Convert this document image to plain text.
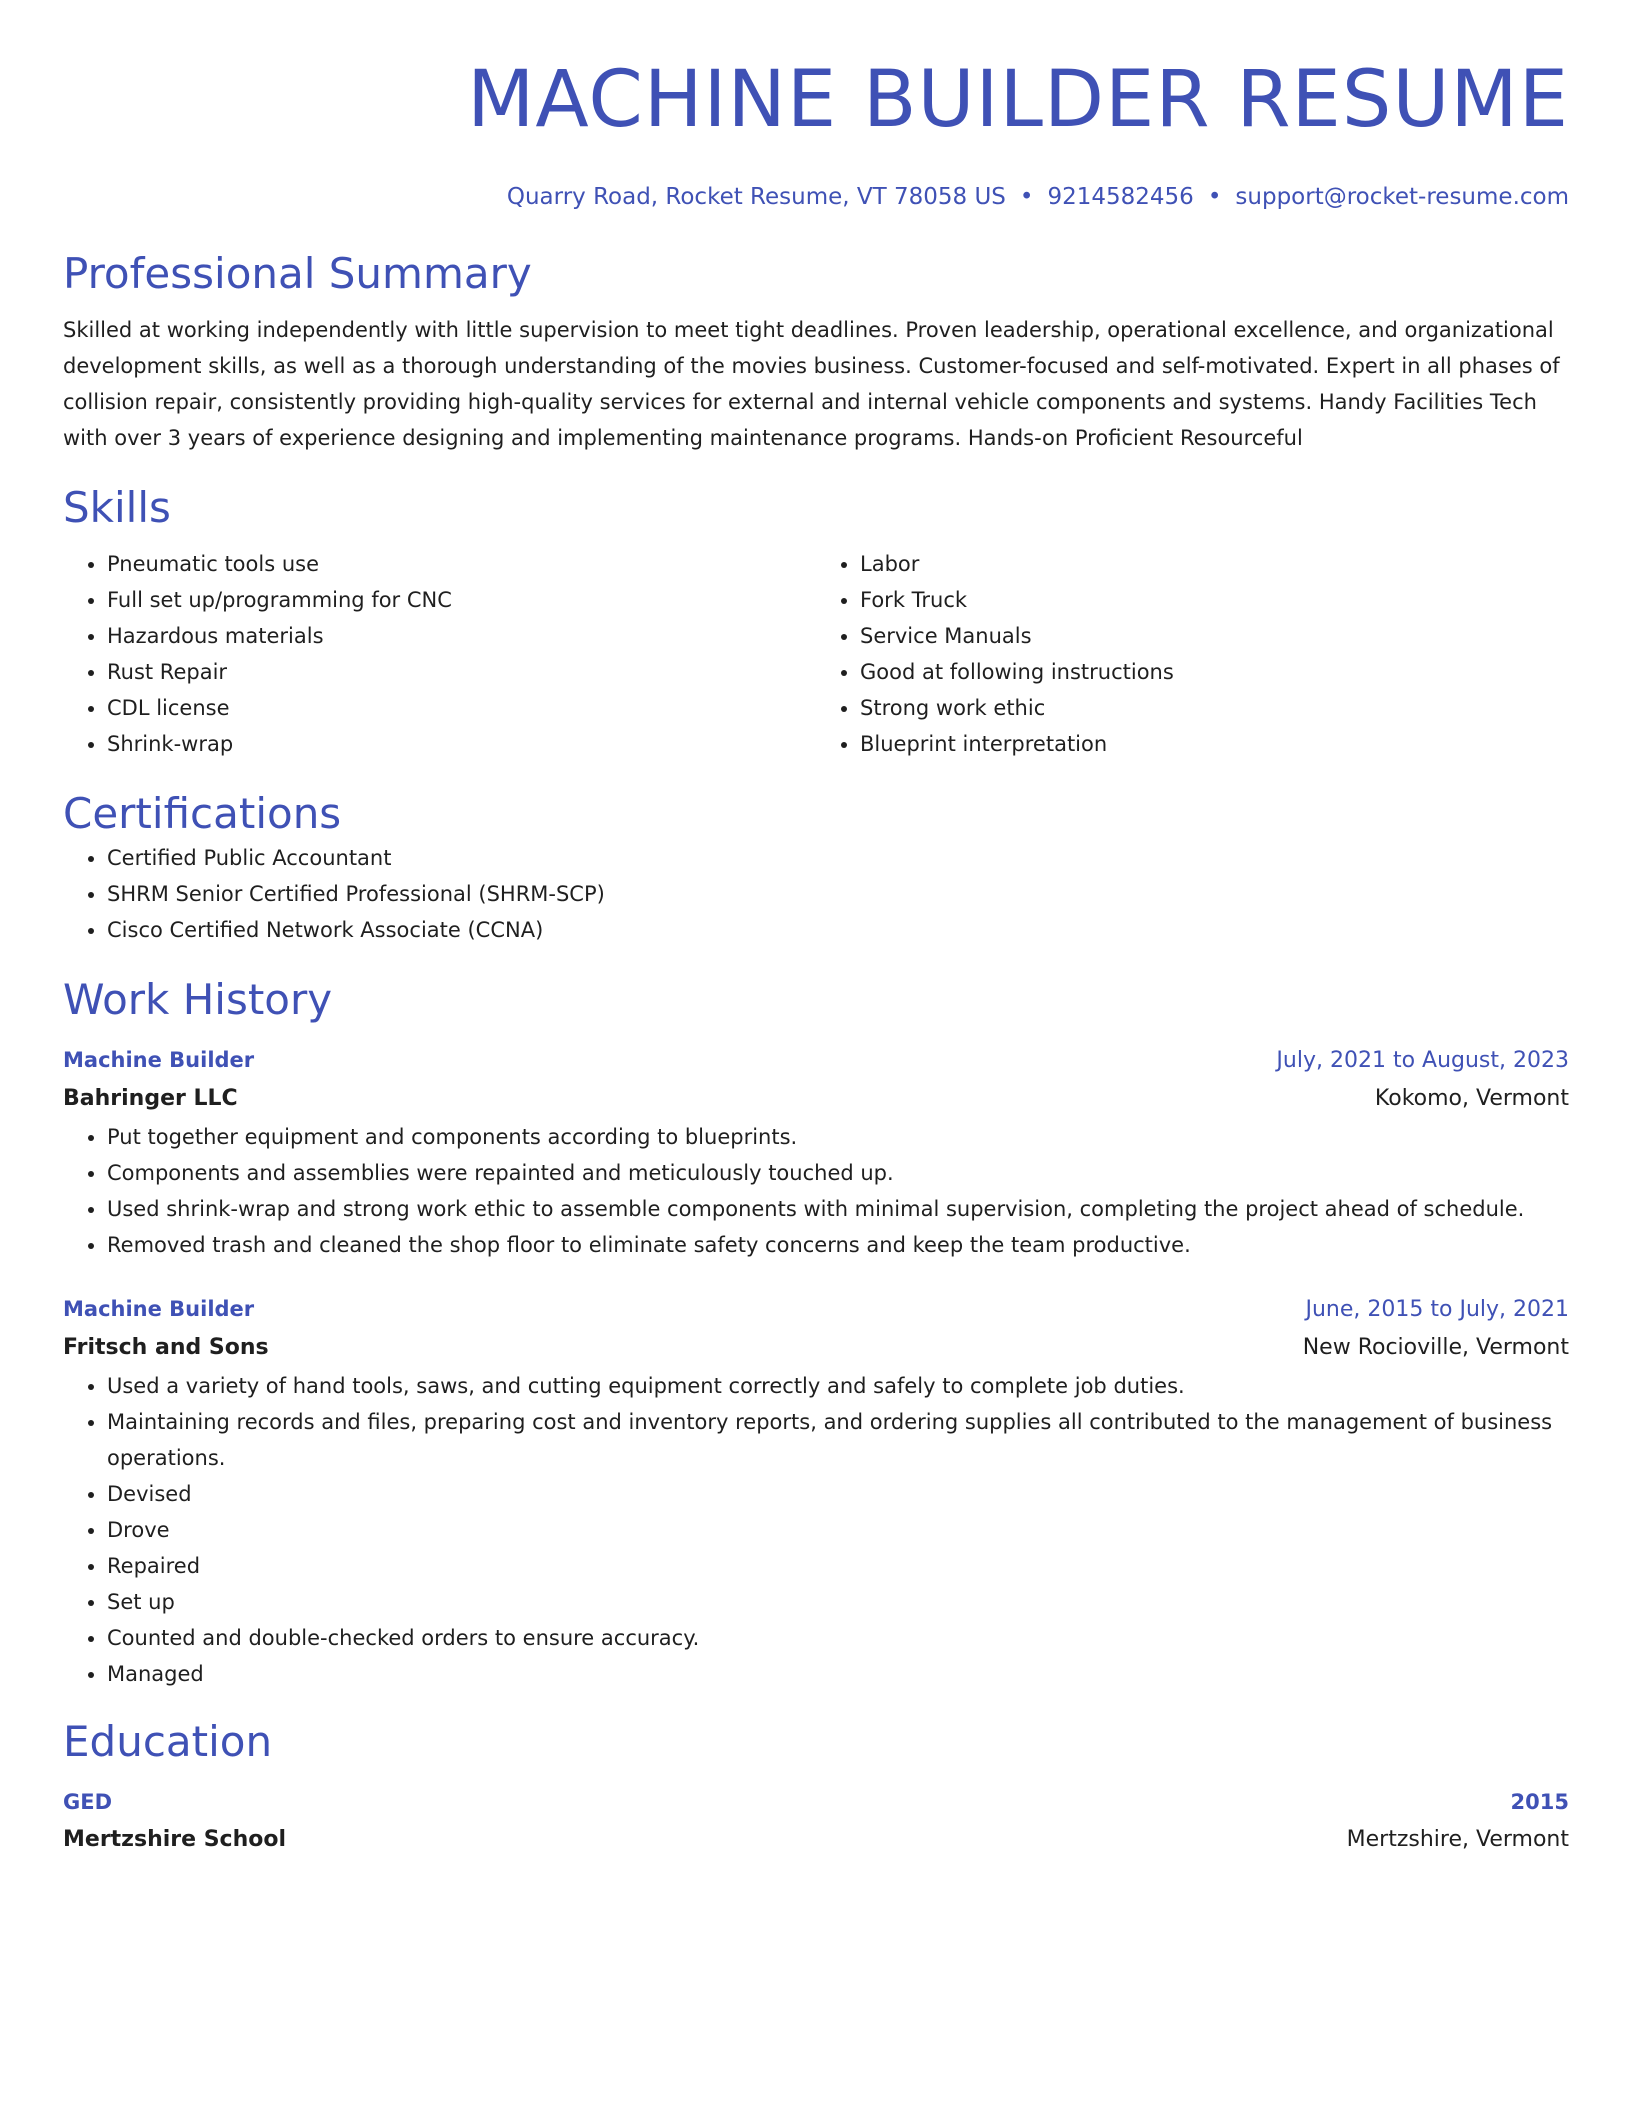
MACHINE BUILDER RESUME
Quarry Road, Rocket Resume, VT 78058 US • 9214582456 • support@rocket-resume.com
Professional Summary
Skilled at working independently with little supervision to meet tight deadlines. Proven leadership, operational excellence, and organizational development skills, as well as a thorough understanding of the movies business. Customer-focused and self-motivated. Expert in all phases of collision repair, consistently providing high-quality services for external and internal vehicle components and systems. Handy Facilities Tech with over 3 years of experience designing and implementing maintenance programs. Hands-on Proficient Resourceful
Skills
• Pneumatic tools use
• Full set up/programming for CNC
• Hazardous materials
• Rust Repair
• CDL license
• Shrink-wrap
• Labor
• Fork Truck
• Service Manuals
• Good at following instructions
• Strong work ethic
• Blueprint interpretation
Certifications
• Certified Public Accountant
• SHRM Senior Certified Professional (SHRM-SCP)
• Cisco Certified Network Associate (CCNA)
Work History
Machine Builder	July, 2021 to August, 2023
Bahringer LLC	Kokomo, Vermont
• Put together equipment and components according to blueprints.
• Components and assemblies were repainted and meticulously touched up.
• Used shrink-wrap and strong work ethic to assemble components with minimal supervision, completing the project ahead of schedule.
• Removed trash and cleaned the shop floor to eliminate safety concerns and keep the team productive.
Machine Builder	June, 2015 to July, 2021
Fritsch and Sons	New Rocioville, Vermont
• Used a variety of hand tools, saws, and cutting equipment correctly and safely to complete job duties.
• Maintaining records and files, preparing cost and inventory reports, and ordering supplies all contributed to the management of business operations.
• Devised
• Drove
• Repaired
• Set up
• Counted and double-checked orders to ensure accuracy.
• Managed
Education
GED	2015
Mertzshire School	Mertzshire, Vermont
